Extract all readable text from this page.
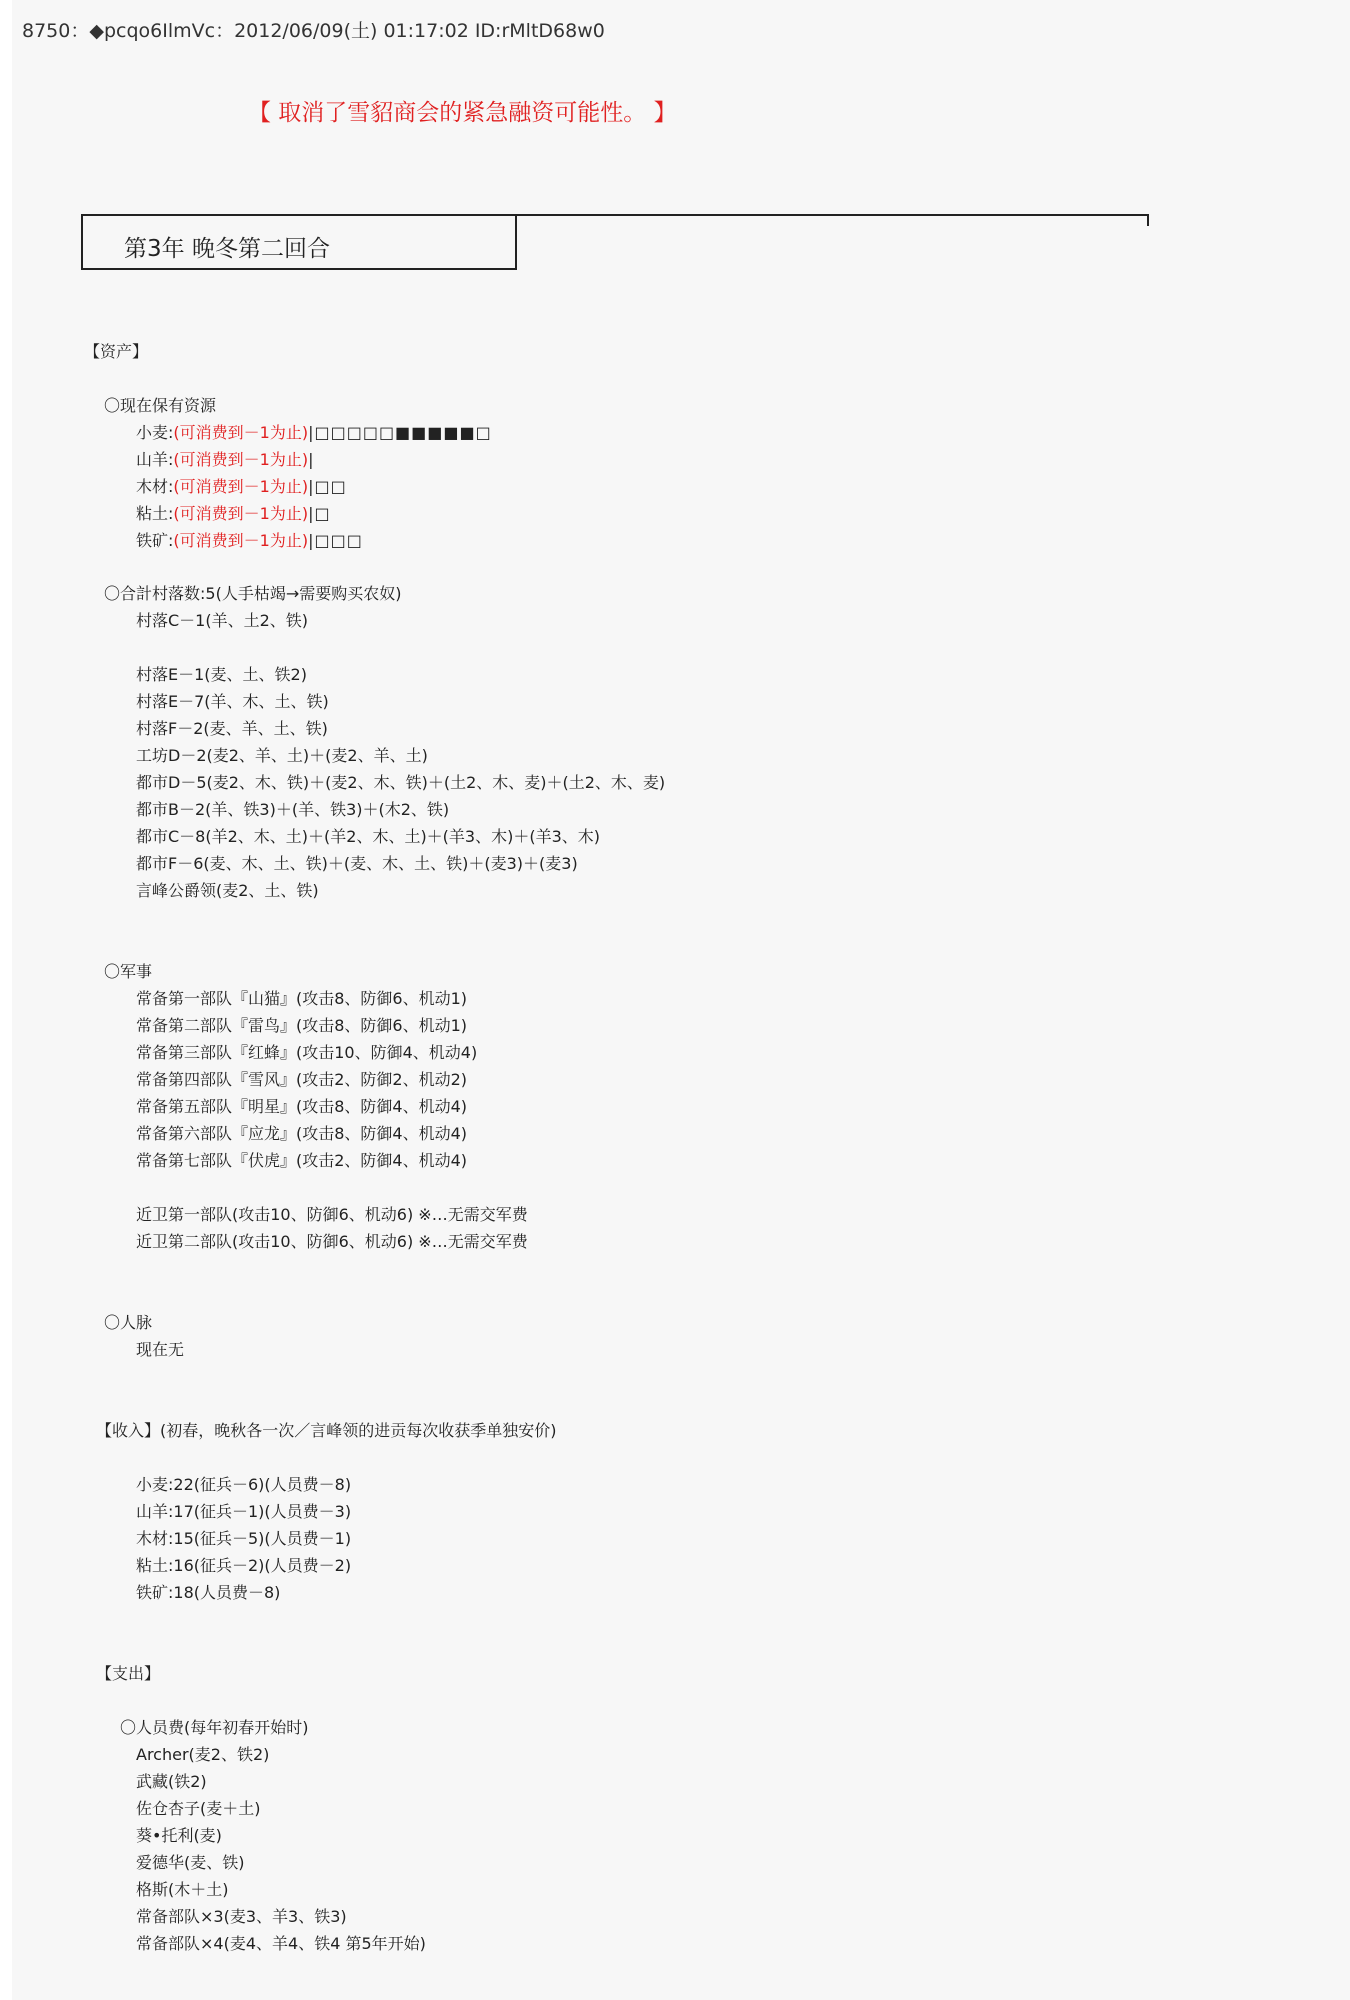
8750：◆pcqo6IlmVc：2012/06/09(土) 01:17:02 ID:rMltD68w0
【 取消了雪貂商会的紧急融资可能性。 】
第3年 晚冬第二回合
【资产】
〇现在保有资源
小麦:(可消费到－1为止)|□□□□□■■■■■□
山羊:(可消费到－1为止)|
木材:(可消费到－1为止)|□□
粘土:(可消费到－1为止)|□
铁矿:(可消费到－1为止)|□□□
〇合計村落数:5(人手枯竭→需要购买农奴)
村落C－1(羊、土2、铁)
村落E－1(麦、土、铁2)
村落E－7(羊、木、土、铁)
村落F－2(麦、羊、土、铁)
工坊D－2(麦2、羊、土)＋(麦2、羊、土)
都市D－5(麦2、木、铁)＋(麦2、木、铁)＋(土2、木、麦)＋(土2、木、麦)
都市B－2(羊、铁3)＋(羊、铁3)＋(木2、铁)
都市C－8(羊2、木、土)＋(羊2、木、土)＋(羊3、木)＋(羊3、木)
都市F－6(麦、木、土、铁)＋(麦、木、土、铁)＋(麦3)＋(麦3)
言峰公爵领(麦2、土、铁)
〇军事
常备第一部队『山猫』(攻击8、防御6、机动1)
常备第二部队『雷鸟』(攻击8、防御6、机动1)
常备第三部队『红蜂』(攻击10、防御4、机动4)
常备第四部队『雪风』(攻击2、防御2、机动2)
常备第五部队『明星』(攻击8、防御4、机动4)
常备第六部队『应龙』(攻击8、防御4、机动4)
常备第七部队『伏虎』(攻击2、防御4、机动4)
近卫第一部队(攻击10、防御6、机动6) ※…无需交军费
近卫第二部队(攻击10、防御6、机动6) ※…无需交军费
〇人脉
现在无
【收入】(初春，晚秋各一次／言峰领的进贡每次收获季单独安价)
小麦:22(征兵－6)(人员费－8)
山羊:17(征兵－1)(人员费－3)
木材:15(征兵－5)(人员费－1)
粘土:16(征兵－2)(人员费－2)
铁矿:18(人员费－8)
【支出】
〇人员费(每年初春开始时)
Archer(麦2、铁2)
武藏(铁2)
佐仓杏子(麦＋土)
葵•托利(麦)
爱德华(麦、铁)
格斯(木＋土)
常备部队×3(麦3、羊3、铁3)
常备部队×4(麦4、羊4、铁4 第5年开始)
